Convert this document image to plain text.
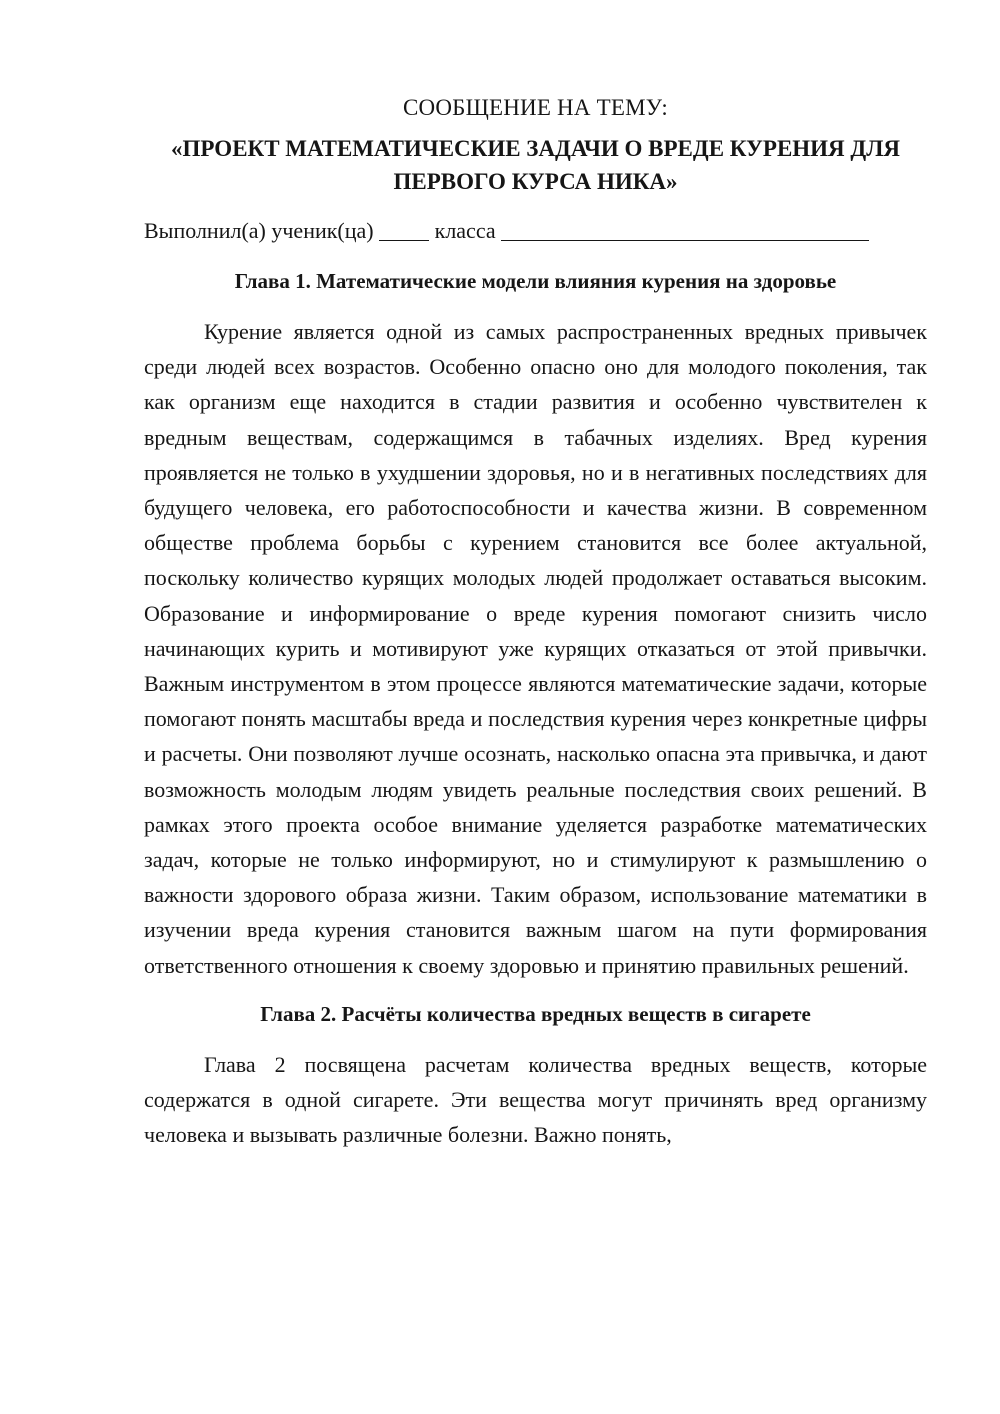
СООБЩЕНИЕ НА ТЕМУ:
«ПРОЕКТ МАТЕМАТИЧЕСКИЕ ЗАДАЧИ О ВРЕДЕ КУРЕНИЯ ДЛЯ ПЕРВОГО КУРСА НИКА»
Выполнил(а) ученик(ца)	класса
Глава 1. Математические модели влияния курения на здоровье

Курение является одной из самых распространенных вредных привычек среди людей всех возрастов. Особенно опасно оно для молодого поколения, так как организм еще находится в стадии развития и особенно чувствителен к вредным веществам, содержащимся в табачных изделиях. Вред курения проявляется не только в ухудшении здоровья, но и в негативных последствиях для будущего человека, его работоспособности и качества жизни. В современном обществе проблема борьбы с курением становится все более актуальной, поскольку количество курящих молодых людей продолжает оставаться высоким. Образование и информирование о вреде курения помогают снизить число начинающих курить и мотивируют уже курящих отказаться от этой привычки. Важным инструментом в этом процессе являются математические задачи, которые помогают понять масштабы вреда и последствия курения через конкретные цифры и расчеты. Они позволяют лучше осознать, насколько опасна эта привычка, и дают возможность молодым людям увидеть реальные последствия своих решений. В рамках этого проекта особое внимание уделяется разработке математических задач, которые не только информируют, но и стимулируют к размышлению о важности здорового образа жизни. Таким образом, использование математики в изучении вреда курения становится важным шагом на пути формирования ответственного отношения к своему здоровью и принятию правильных решений.

Глава 2. Расчёты количества вредных веществ в сигарете

Глава 2 посвящена расчетам количества вредных веществ, которые содержатся в одной сигарете. Эти вещества могут причинять вред организму человека и вызывать различные болезни. Важно понять,
